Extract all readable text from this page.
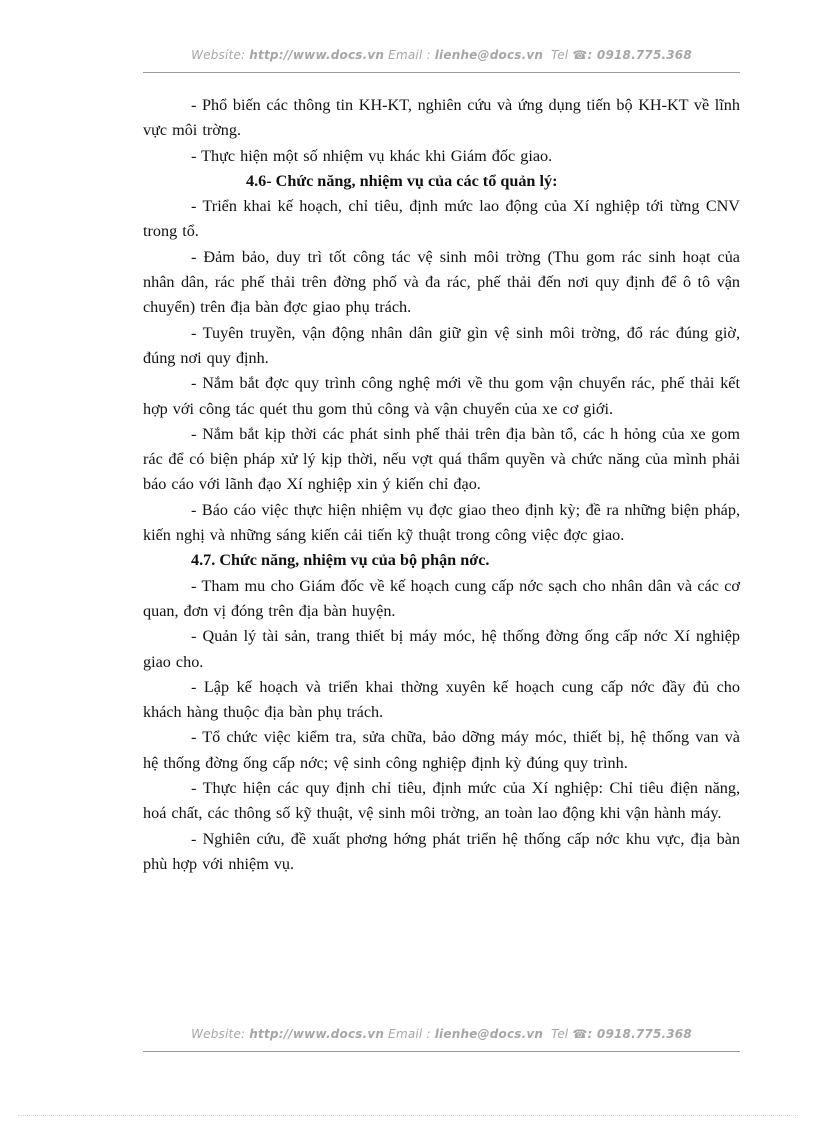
Website: http://www.docs.vn Email : lienhe@docs.vn Tel ☎: 0918.775.368

- Phổ biến các thông tin KH-KT, nghiên cứu và ứng dụng tiến bộ KH-KT về lĩnh vực môi trờng.

- Thực hiện một số nhiệm vụ khác khi Giám đốc giao.

4.6- Chức năng, nhiệm vụ của các tổ quản lý:

- Triển khai kế hoạch, chỉ tiêu, định mức lao động của Xí nghiệp tới từng CNV trong tổ.

- Đảm bảo, duy trì tốt công tác vệ sinh môi trờng (Thu gom rác sinh hoạt của nhân dân, rác phế thải trên đờng phố và đa rác, phế thải đến nơi quy định để ô tô vận chuyển) trên địa bàn đợc giao phụ trách.

- Tuyên truyền, vận động nhân dân giữ gìn vệ sinh môi trờng, đổ rác đúng giờ, đúng nơi quy định.

- Nắm bắt đợc quy trình công nghệ mới về thu gom vận chuyển rác, phế thải kết hợp với công tác quét thu gom thủ công và vận chuyển của xe cơ giới.

- Nắm bắt kịp thời các phát sinh phế thải trên địa bàn tổ, các h hỏng của xe gom rác để có biện pháp xử lý kịp thời, nếu vợt quá thẩm quyền và chức năng của mình phải báo cáo với lãnh đạo Xí nghiệp xin ý kiến chỉ đạo.

- Báo cáo việc thực hiện nhiệm vụ đợc giao theo định kỳ; đề ra những biện pháp, kiến nghị và những sáng kiến cải tiến kỹ thuật trong công việc đợc giao.

4.7. Chức năng, nhiệm vụ của bộ phận nớc.

- Tham mu cho Giám đốc về kế hoạch cung cấp nớc sạch cho nhân dân và các cơ quan, đơn vị đóng trên địa bàn huyện.

- Quản lý tài sản, trang thiết bị máy móc, hệ thống đờng ống cấp nớc Xí nghiệp giao cho.

- Lập kế hoạch và triển khai thờng xuyên kế hoạch cung cấp nớc đầy đủ cho khách hàng thuộc địa bàn phụ trách.

- Tổ chức việc kiểm tra, sửa chữa, bảo dỡng máy móc, thiết bị, hệ thống van và hệ thống đờng ống cấp nớc; vệ sinh công nghiệp định kỳ đúng quy trình.

- Thực hiện các quy định chỉ tiêu, định mức của Xí nghiệp: Chỉ tiêu điện năng, hoá chất, các thông số kỹ thuật, vệ sinh môi trờng, an toàn lao động khi vận hành máy.

- Nghiên cứu, đề xuất phơng hớng phát triển hệ thống cấp nớc khu vực, địa bàn phù hợp với nhiệm vụ.

Website: http://www.docs.vn Email : lienhe@docs.vn Tel ☎: 0918.775.368
